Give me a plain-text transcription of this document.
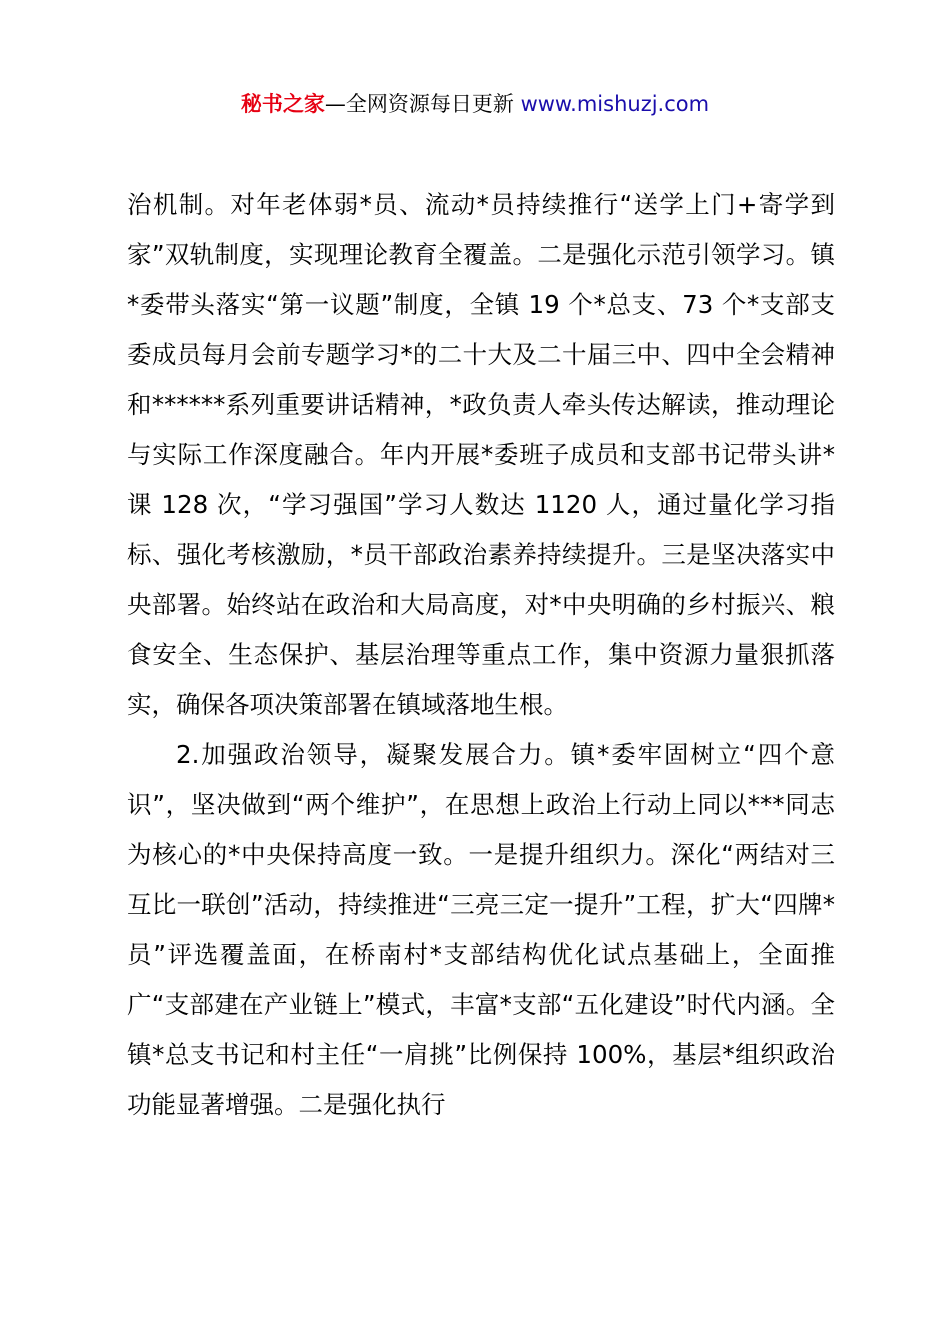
秘书之家—全网资源每日更新 www.mishuzj.com

治机制。对年老体弱*员、流动*员持续推行“送学上门+寄学到家”双轨制度，实现理论教育全覆盖。二是强化示范引领学习。镇*委带头落实“第一议题”制度，全镇 19 个*总支、73 个*支部支委成员每月会前专题学习*的二十大及二十届三中、四中全会精神和******系列重要讲话精神，*政负责人牵头传达解读，推动理论与实际工作深度融合。年内开展*委班子成员和支部书记带头讲*课 128 次，“学习强国”学习人数达 1120 人，通过量化学习指标、强化考核激励，*员干部政治素养持续提升。三是坚决落实中央部署。始终站在政治和大局高度，对*中央明确的乡村振兴、粮食安全、生态保护、基层治理等重点工作，集中资源力量狠抓落实，确保各项决策部署在镇域落地生根。

2.加强政治领导，凝聚发展合力。镇*委牢固树立“四个意识”，坚决做到“两个维护”，在思想上政治上行动上同以***同志为核心的*中央保持高度一致。一是提升组织力。深化“两结对三互比一联创”活动，持续推进“三亮三定一提升”工程，扩大“四牌*员”评选覆盖面，在桥南村*支部结构优化试点基础上，全面推广“支部建在产业链上”模式，丰富*支部“五化建设”时代内涵。全镇*总支书记和村主任“一肩挑”比例保持 100%，基层*组织政治功能显著增强。二是强化执行
